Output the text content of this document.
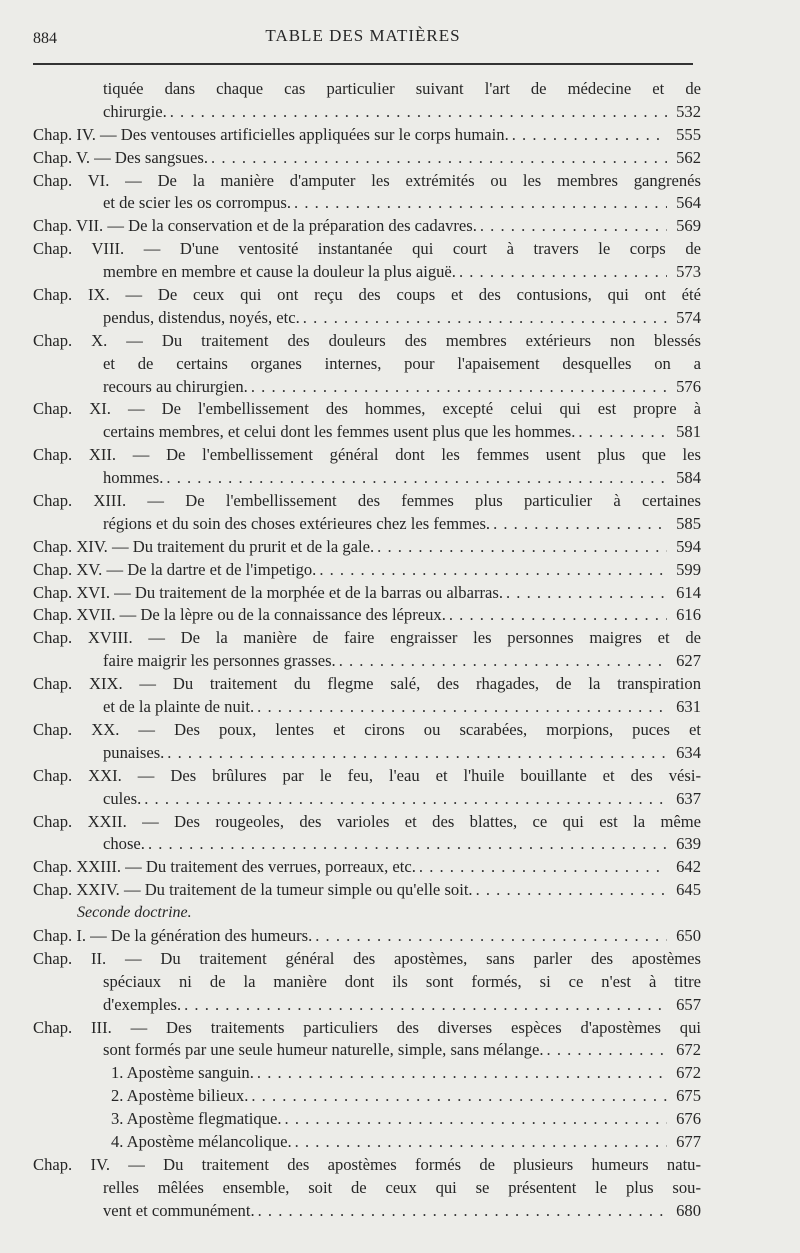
884	TABLE DES MATIÈRES
tiquée dans chaque cas particulier suivant l'art de médecine et de
chirurgie. . . .	532
Chap. IV. — Des ventouses artificielles appliquées sur le corps humain. . . .	555
Chap. V. — Des sangsues. . . .	562
Chap. VI. — De la manière d'amputer les extrémités ou les membres gangrenés
et de scier les os corrompus. . . .	564
Chap. VII. — De la conservation et de la préparation des cadavres. . . .	569
Chap. VIII. — D'une ventosité instantanée qui court à travers le corps de
membre en membre et cause la douleur la plus aiguë. . . .	573
Chap. IX. — De ceux qui ont reçu des coups et des contusions, qui ont été
pendus, distendus, noyés, etc. . . .	574
Chap. X. — Du traitement des douleurs des membres extérieurs non blessés
et de certains organes internes, pour l'apaisement desquelles on a
recours au chirurgien. . . .	576
Chap. XI. — De l'embellissement des hommes, excepté celui qui est propre à
certains membres, et celui dont les femmes usent plus que les hommes. . . .	581
Chap. XII. — De l'embellissement général dont les femmes usent plus que les
hommes. . . .	584
Chap. XIII. — De l'embellissement des femmes plus particulier à certaines
régions et du soin des choses extérieures chez les femmes. . . .	585
Chap. XIV. — Du traitement du prurit et de la gale. . . .	594
Chap. XV. — De la dartre et de l'impetigo. . . .	599
Chap. XVI. — Du traitement de la morphée et de la barras ou albarras. . . .	614
Chap. XVII. — De la lèpre ou de la connaissance des lépreux. . . .	616
Chap. XVIII. — De la manière de faire engraisser les personnes maigres et de
faire maigrir les personnes grasses. . . .	627
Chap. XIX. — Du traitement du flegme salé, des rhagades, de la transpiration
et de la plainte de nuit. . . .	631
Chap. XX. — Des poux, lentes et cirons ou scarabées, morpions, puces et
punaises. . . .	634
Chap. XXI. — Des brûlures par le feu, l'eau et l'huile bouillante et des vési-
cules. . . .	637
Chap. XXII. — Des rougeoles, des varioles et des blattes, ce qui est la même
chose. . . .	639
Chap. XXIII. — Du traitement des verrues, porreaux, etc. . . .	642
Chap. XXIV. — Du traitement de la tumeur simple ou qu'elle soit. . . .	645
Seconde doctrine.
Chap. I. — De la génération des humeurs. . . .	650
Chap. II. — Du traitement général des apostèmes, sans parler des apostèmes
spéciaux ni de la manière dont ils sont formés, si ce n'est à titre
d'exemples. . . .	657
Chap. III. — Des traitements particuliers des diverses espèces d'apostèmes qui
sont formés par une seule humeur naturelle, simple, sans mélange. . . .	672
1. Apostème sanguin. . . .	672
2. Apostème bilieux. . . .	675
3. Apostème flegmatique. . . .	676
4. Apostème mélancolique. . . .	677
Chap. IV. — Du traitement des apostèmes formés de plusieurs humeurs natu-
relles mêlées ensemble, soit de ceux qui se présentent le plus sou-
vent et communément. . . .	680
